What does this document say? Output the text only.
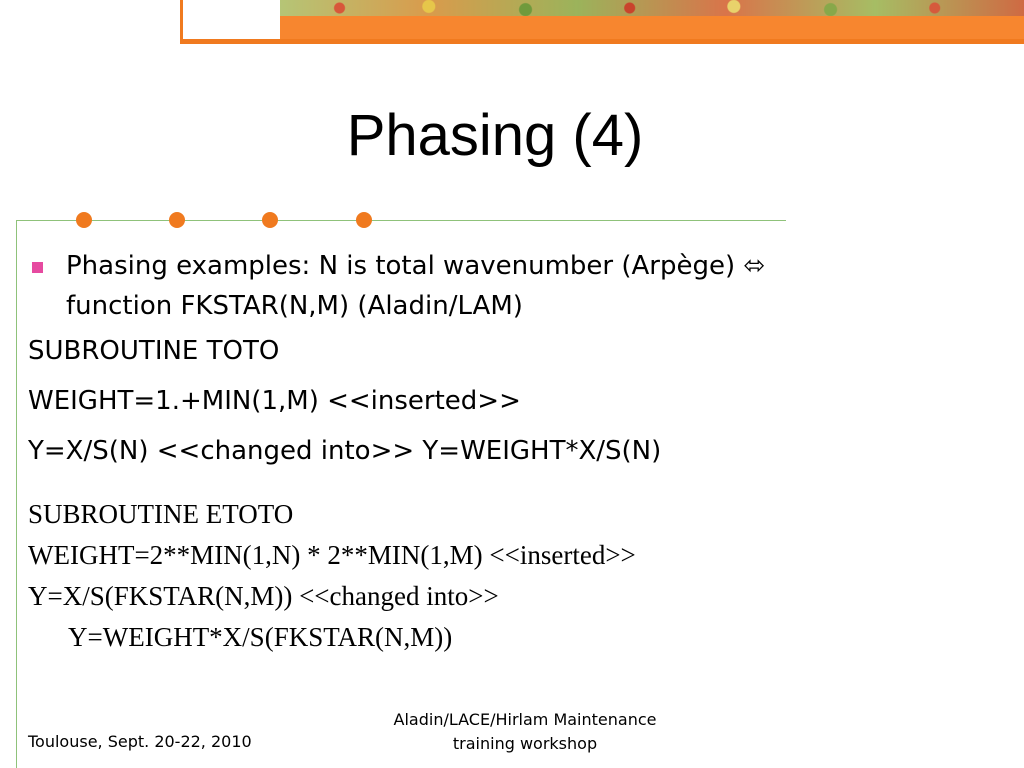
Phasing (4)
Phasing examples: N is total wavenumber (Arpège) ⬄
function FKSTAR(N,M) (Aladin/LAM)
SUBROUTINE TOTO
WEIGHT=1.+MIN(1,M) <<inserted>>
Y=X/S(N) <<changed into>> Y=WEIGHT*X/S(N)
SUBROUTINE ETOTO
WEIGHT=2**MIN(1,N) * 2**MIN(1,M) <<inserted>>
Y=X/S(FKSTAR(N,M)) <<changed into>>
Y=WEIGHT*X/S(FKSTAR(N,M))
Toulouse, Sept. 20-22, 2010
Aladin/LACE/Hirlam Maintenance
training workshop
